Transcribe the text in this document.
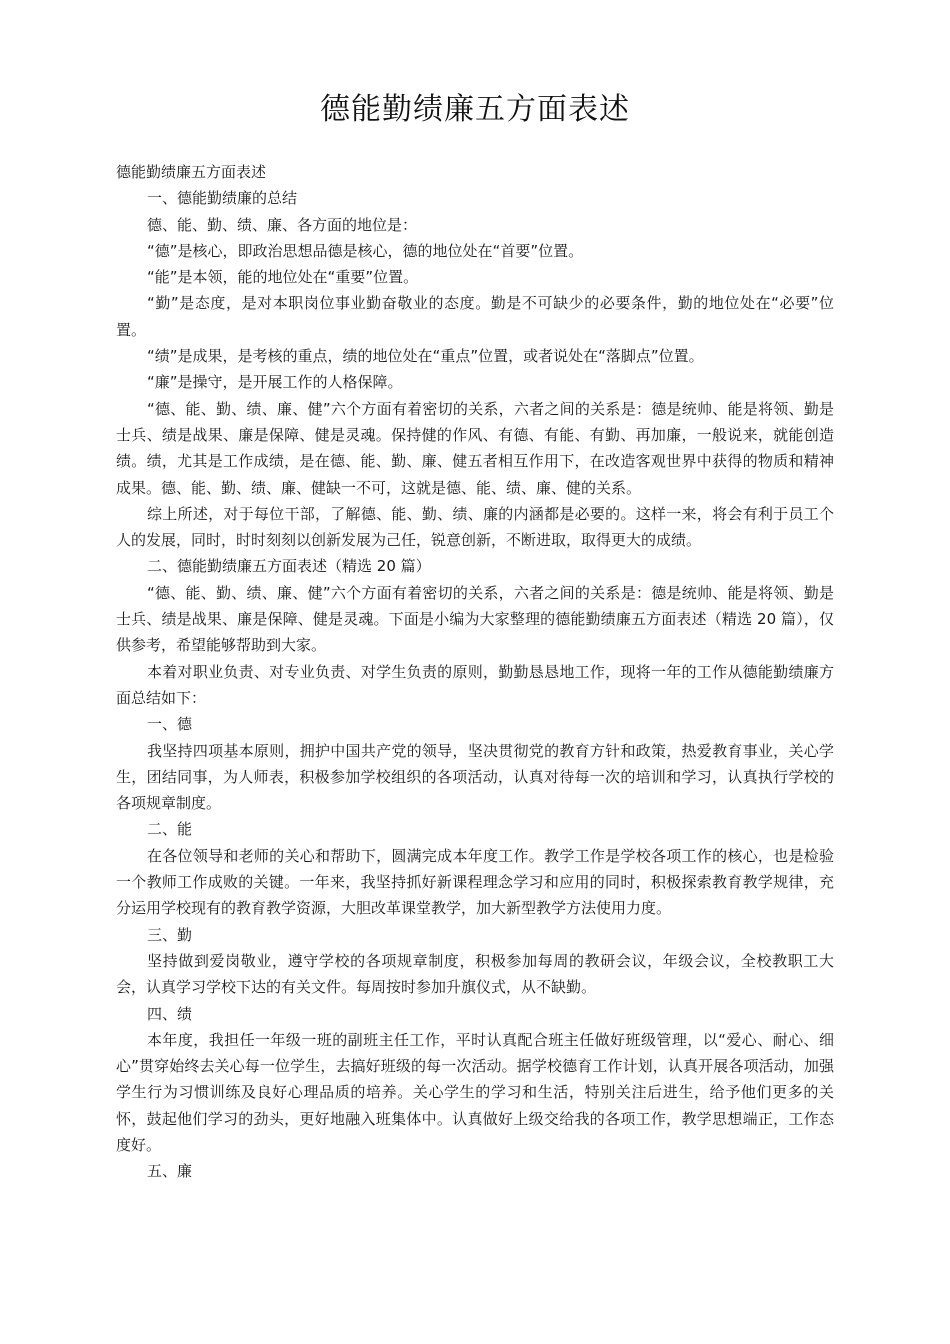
德能勤绩廉五方面表述

德能勤绩廉五方面表述

一、德能勤绩廉的总结

德、能、勤、绩、廉、各方面的地位是：

“德”是核心，即政治思想品德是核心，德的地位处在“首要”位置。

“能”是本领，能的地位处在“重要”位置。

“勤”是态度，是对本职岗位事业勤奋敬业的态度。勤是不可缺少的必要条件，勤的地位处在“必要”位置。

“绩”是成果，是考核的重点，绩的地位处在“重点”位置，或者说处在“落脚点”位置。

“廉”是操守，是开展工作的人格保障。

“德、能、勤、绩、廉、健”六个方面有着密切的关系，六者之间的关系是：德是统帅、能是将领、勤是士兵、绩是战果、廉是保障、健是灵魂。保持健的作风、有德、有能、有勤、再加廉，一般说来，就能创造绩。绩，尤其是工作成绩，是在德、能、勤、廉、健五者相互作用下，在改造客观世界中获得的物质和精神成果。德、能、勤、绩、廉、健缺一不可，这就是德、能、绩、廉、健的关系。

综上所述，对于每位干部，了解德、能、勤、绩、廉的内涵都是必要的。这样一来，将会有利于员工个人的发展，同时，时时刻刻以创新发展为己任，锐意创新，不断进取，取得更大的成绩。

二、德能勤绩廉五方面表述（精选 20 篇）

“德、能、勤、绩、廉、健”六个方面有着密切的关系，六者之间的关系是：德是统帅、能是将领、勤是士兵、绩是战果、廉是保障、健是灵魂。下面是小编为大家整理的德能勤绩廉五方面表述（精选 20 篇），仅供参考，希望能够帮助到大家。

本着对职业负责、对专业负责、对学生负责的原则，勤勤恳恳地工作，现将一年的工作从德能勤绩廉方面总结如下：

一、德

我坚持四项基本原则，拥护中国共产党的领导，坚决贯彻党的教育方针和政策，热爱教育事业，关心学生，团结同事，为人师表，积极参加学校组织的各项活动，认真对待每一次的培训和学习，认真执行学校的各项规章制度。

二、能

在各位领导和老师的关心和帮助下，圆满完成本年度工作。教学工作是学校各项工作的核心，也是检验一个教师工作成败的关键。一年来，我坚持抓好新课程理念学习和应用的同时，积极探索教育教学规律，充分运用学校现有的教育教学资源，大胆改革课堂教学，加大新型教学方法使用力度。

三、勤

坚持做到爱岗敬业，遵守学校的各项规章制度，积极参加每周的教研会议，年级会议，全校教职工大会，认真学习学校下达的有关文件。每周按时参加升旗仪式，从不缺勤。

四、绩

本年度，我担任一年级一班的副班主任工作，平时认真配合班主任做好班级管理，以“爱心、耐心、细心”贯穿始终去关心每一位学生，去搞好班级的每一次活动。据学校德育工作计划，认真开展各项活动，加强学生行为习惯训练及良好心理品质的培养。关心学生的学习和生活，特别关注后进生，给予他们更多的关怀，鼓起他们学习的劲头，更好地融入班集体中。认真做好上级交给我的各项工作，教学思想端正，工作态度好。

五、廉
